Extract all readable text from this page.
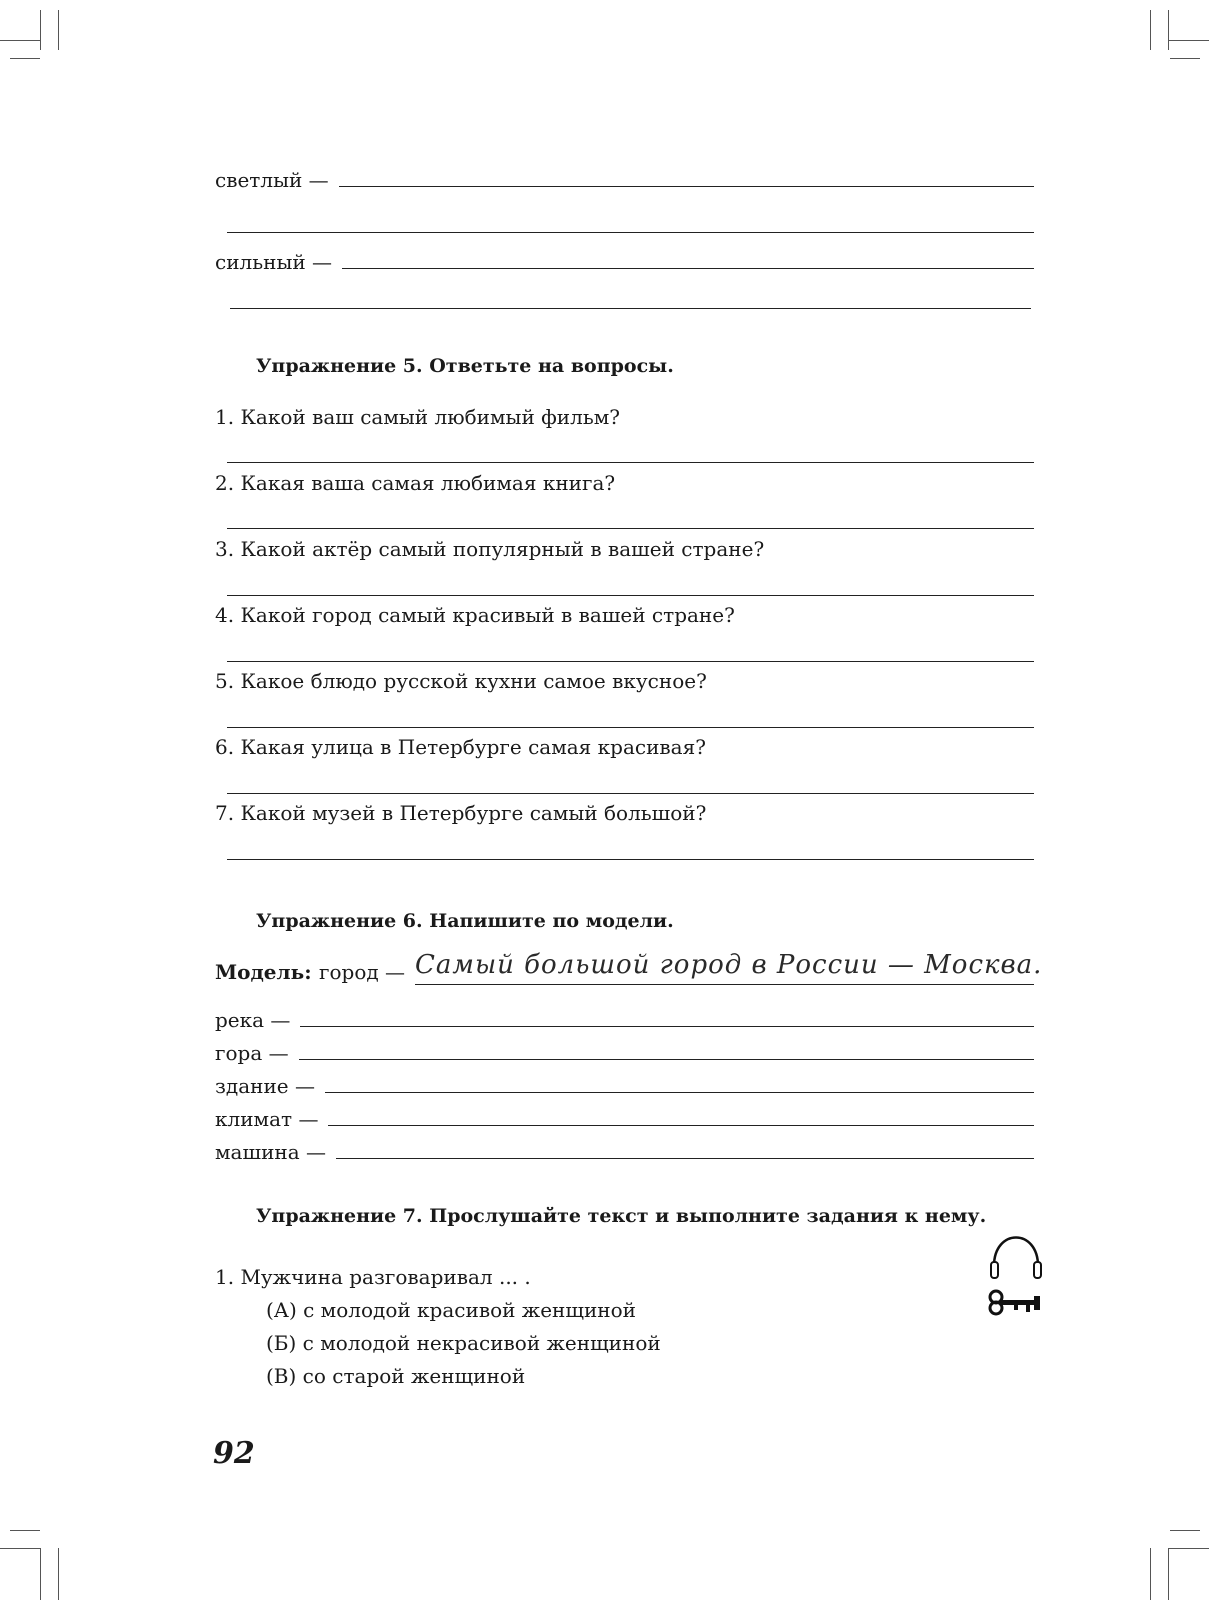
светлый —
сильный —
Упражнение 5. Ответьте на вопросы.
1. Какой ваш самый любимый фильм?
2. Какая ваша самая любимая книга?
3. Какой актёр самый популярный в вашей стране?
4. Какой город самый красивый в вашей стране?
5. Какое блюдо русской кухни самое вкусное?
6. Какая улица в Петербурге самая красивая?
7. Какой музей в Петербурге самый большой?
Упражнение 6. Напишите по модели.
Модель: город — Самый большой город в России — Москва.
река —
гора —
здание —
климат —
машина —
Упражнение 7. Прослушайте текст и выполните задания к нему.
1. Мужчина разговаривал ... .
(А) с молодой красивой женщиной
(Б) с молодой некрасивой женщиной
(В) со старой женщиной
92
